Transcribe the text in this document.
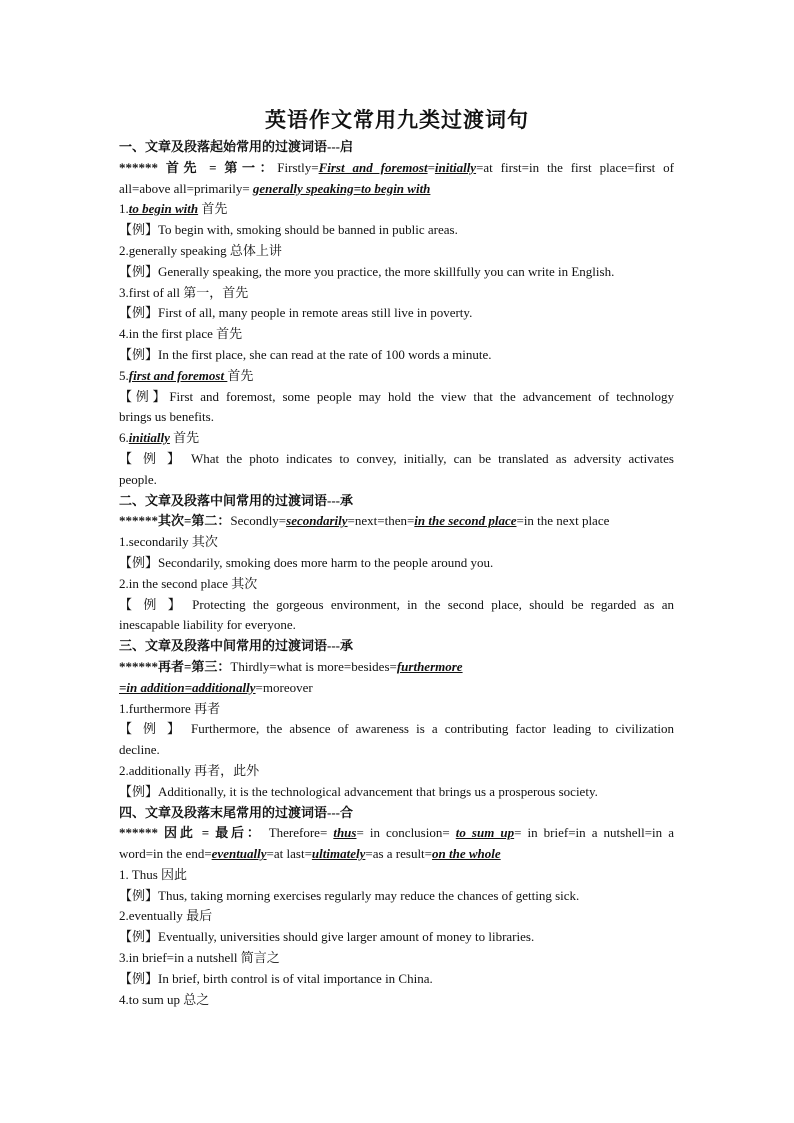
英语作文常用九类过渡词句

一、文章及段落起始常用的过渡词语---启

****** 首先 = 第一：Firstly=First and foremost=initially=at first=in the first place=first of

all=above all=primarily= generally speaking=to begin with

1.to begin with 首先

【例】To begin with, smoking should be banned in public areas.

2.generally speaking 总体上讲

【例】Generally speaking, the more you practice, the more skillfully you can write in English.

3.first of all 第一，首先

【例】First of all, many people in remote areas still live in poverty.

4.in the first place 首先

【例】In the first place, she can read at the rate of 100 words a minute.

5.first and foremost 首先

【例】First and foremost, some people may hold the view that the advancement of technology

brings us benefits.

6.initially 首先

【 例 】 What the photo indicates to convey, initially, can be translated as adversity activates

people.

二、文章及段落中间常用的过渡词语---承

******其次=第二：Secondly=secondarily=next=then=in the second place=in the next place

1.secondarily 其次

【例】Secondarily, smoking does more harm to the people around you.

2.in the second place 其次

【 例 】 Protecting the gorgeous environment, in the second place, should be regarded as an

inescapable liability for everyone.

三、文章及段落中间常用的过渡词语---承

******再者=第三：Thirdly=what is more=besides=furthermore

=in addition=additionally=moreover

1.furthermore 再者

【 例 】 Furthermore, the absence of awareness is a contributing factor leading to civilization

decline.

2.additionally 再者，此外

【例】Additionally, it is the technological advancement that brings us a prosperous society.

四、文章及段落末尾常用的过渡词语---合

****** 因此 = 最后： Therefore= thus= in conclusion= to sum up= in brief=in a nutshell=in a

word=in the end=eventually=at last=ultimately=as a result=on the whole

1. Thus 因此

【例】Thus, taking morning exercises regularly may reduce the chances of getting sick.

2.eventually 最后

【例】Eventually, universities should give larger amount of money to libraries.

3.in brief=in a nutshell 简言之

【例】In brief, birth control is of vital importance in China.

4.to sum up 总之
